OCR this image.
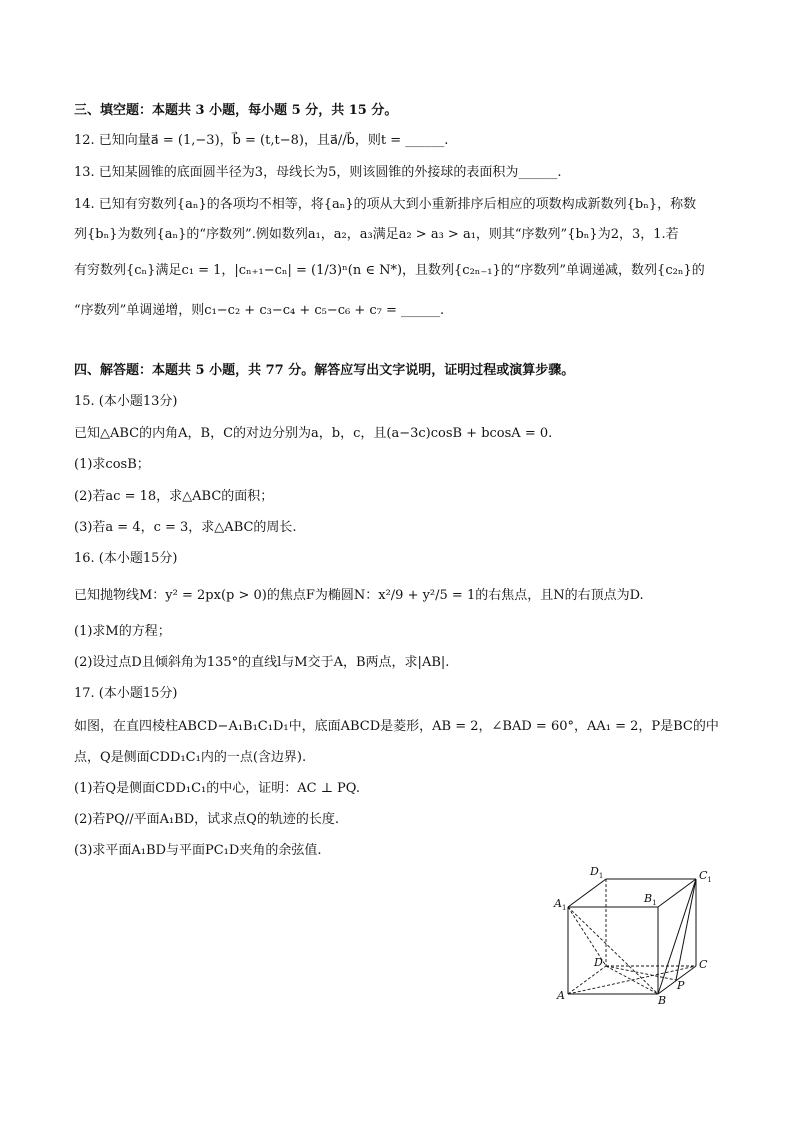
三、填空题：本题共 3 小题，每小题 5 分，共 15 分。
12. 已知向量a⃗ = (1,−3)，b⃗ = (t,t−8)，且a⃗//b⃗，则t = ______.
13. 已知某圆锥的底面圆半径为3，母线长为5，则该圆锥的外接球的表面积为______.
14. 已知有穷数列{aₙ}的各项均不相等，将{aₙ}的项从大到小重新排序后相应的项数构成新数列{bₙ}，称数
列{bₙ}为数列{aₙ}的“序数列”.例如数列a₁，a₂，a₃满足a₂ > a₃ > a₁，则其“序数列”{bₙ}为2，3，1.若
有穷数列{cₙ}满足c₁ = 1，|cₙ₊₁−cₙ| = (1/3)ⁿ(n ∈ N*)，且数列{c₂ₙ₋₁}的“序数列”单调递减，数列{c₂ₙ}的
“序数列”单调递增，则c₁−c₂ + c₃−c₄ + c₅−c₆ + c₇ = ______.
四、解答题：本题共 5 小题，共 77 分。解答应写出文字说明，证明过程或演算步骤。
15. (本小题13分)
已知△ABC的内角A，B，C的对边分别为a，b，c，且(a−3c)cosB + bcosA = 0.
(1)求cosB；
(2)若ac = 18，求△ABC的面积；
(3)若a = 4，c = 3，求△ABC的周长.
16. (本小题15分)
已知抛物线M：y² = 2px(p > 0)的焦点F为椭圆N：x²/9 + y²/5 = 1的右焦点，且N的右顶点为D.
(1)求M的方程；
(2)设过点D且倾斜角为135°的直线l与M交于A，B两点，求|AB|.
17. (本小题15分)
如图，在直四棱柱ABCD−A₁B₁C₁D₁中，底面ABCD是菱形，AB = 2，∠BAD = 60°，AA₁ = 2，P是BC的中
点，Q是侧面CDD₁C₁内的一点(含边界).
(1)若Q是侧面CDD₁C₁的中心，证明：AC ⊥ PQ.
(2)若PQ//平面A₁BD，试求点Q的轨迹的长度.
(3)求平面A₁BD与平面PC₁D夹角的余弦值.
$D_1$	$C_1$
$A_1$
$B_1$
D	C
A	B
P
